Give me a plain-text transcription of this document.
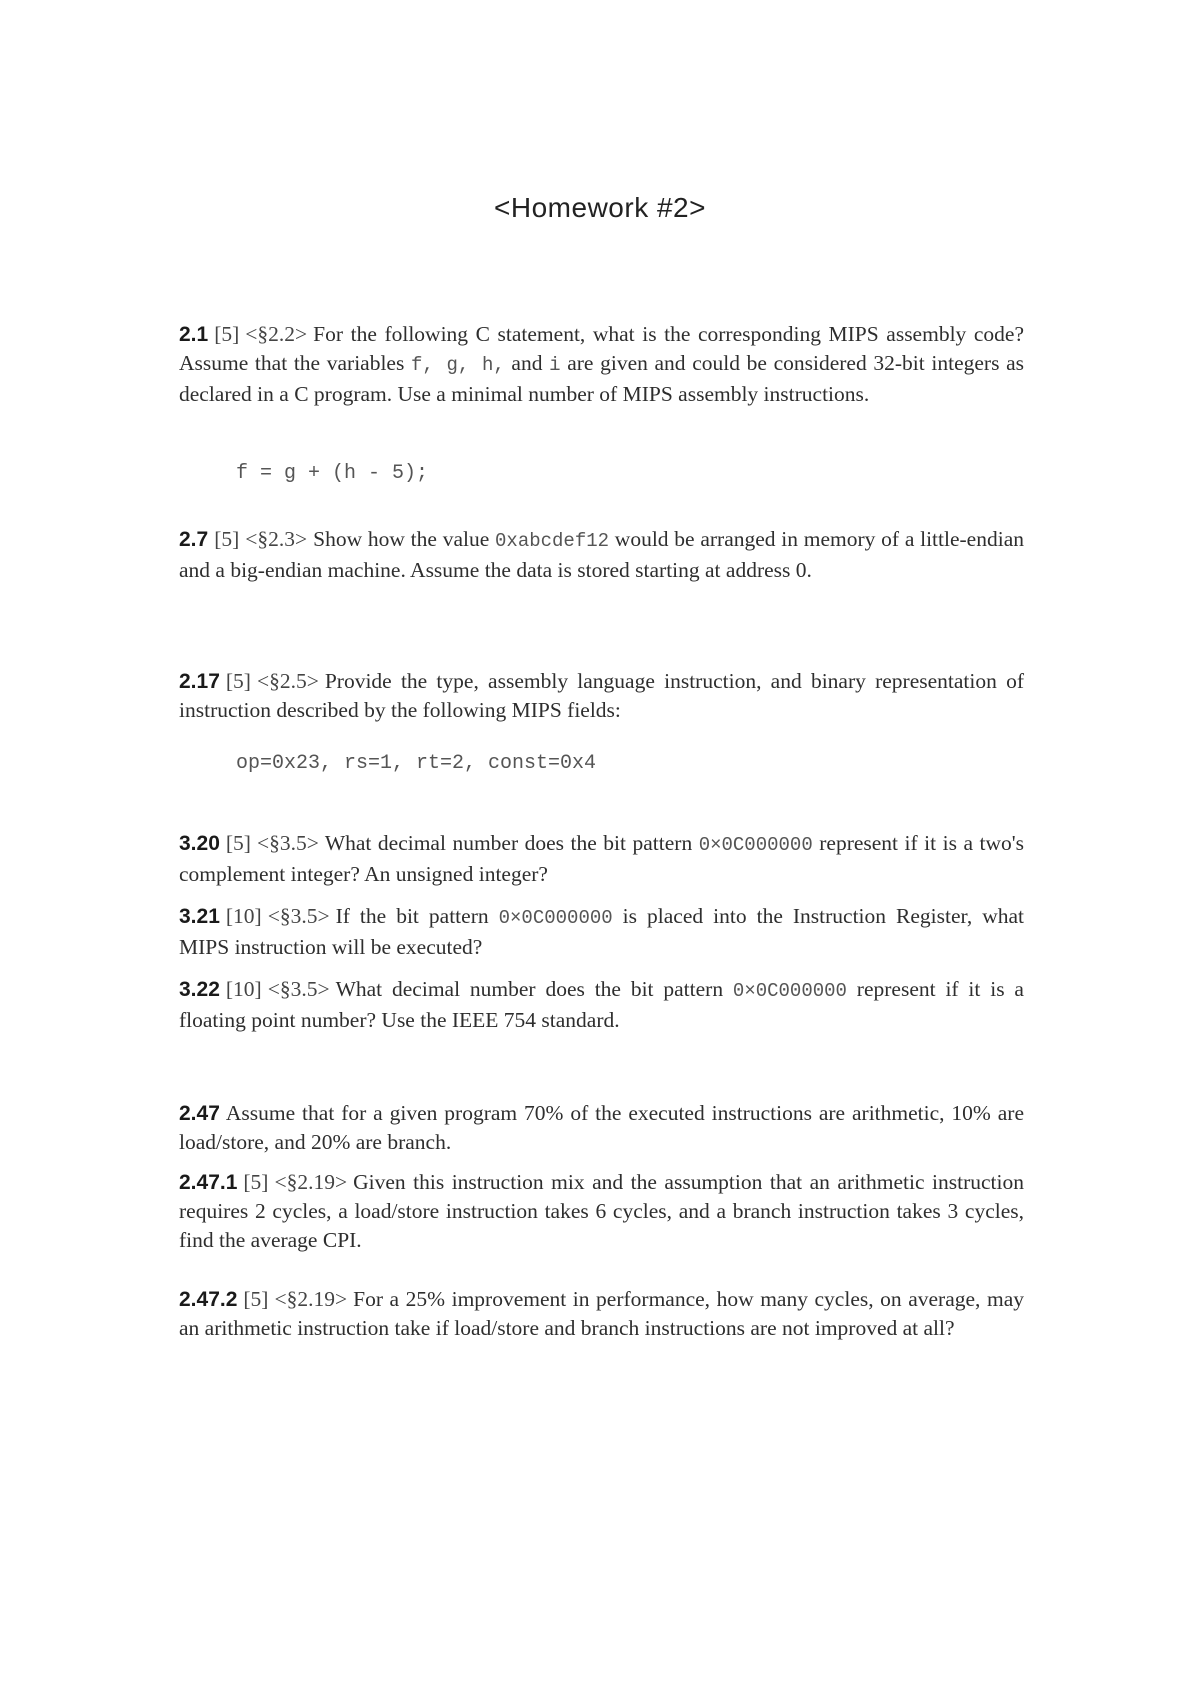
<Homework #2>
2.1 [5] <§2.2> For the following C statement, what is the corresponding MIPS assembly code? Assume that the variables f, g, h, and i are given and could be considered 32-bit integers as declared in a C program. Use a minimal number of MIPS assembly instructions.
f = g + (h - 5);
2.7 [5] <§2.3> Show how the value 0xabcdef12 would be arranged in memory of a little-endian and a big-endian machine. Assume the data is stored starting at address 0.
2.17 [5] <§2.5> Provide the type, assembly language instruction, and binary representation of instruction described by the following MIPS fields:
op=0x23, rs=1, rt=2, const=0x4
3.20 [5] <§3.5> What decimal number does the bit pattern 0×0C000000 represent if it is a two's complement integer? An unsigned integer?
3.21 [10] <§3.5> If the bit pattern 0×0C000000 is placed into the Instruction Register, what MIPS instruction will be executed?
3.22 [10] <§3.5> What decimal number does the bit pattern 0×0C000000 represent if it is a floating point number? Use the IEEE 754 standard.
2.47 Assume that for a given program 70% of the executed instructions are arithmetic, 10% are load/store, and 20% are branch.
2.47.1 [5] <§2.19> Given this instruction mix and the assumption that an arithmetic instruction requires 2 cycles, a load/store instruction takes 6 cycles, and a branch instruction takes 3 cycles, find the average CPI.
2.47.2 [5] <§2.19> For a 25% improvement in performance, how many cycles, on average, may an arithmetic instruction take if load/store and branch instructions are not improved at all?
